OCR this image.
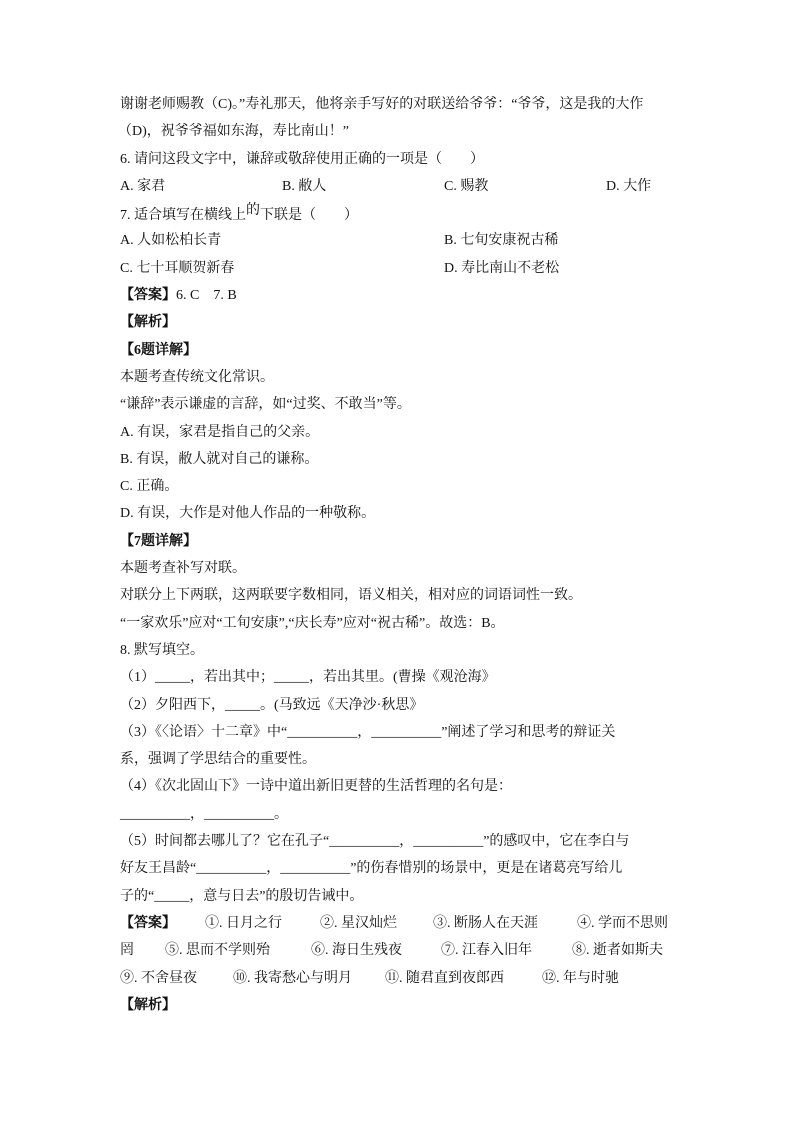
谢谢老师赐教（C)。”寿礼那天，他将亲手写好的对联送给爷爷：“爷爷，这是我的大作
（D)，祝爷爷福如东海，寿比南山！”
6. 请问这段文字中，谦辞或敬辞使用正确的一项是（　　）

A. 家君

	B. 敝人

	C. 赐教

	D. 大作

7. 适合填写在横线上的下联是（　　）

A. 人如松柏长青

	B. 七旬安康祝古稀

C. 七十耳顺贺新春

	D. 寿比南山不老松

【答案】6. C    7. B
【解析】
【6题详解】
本题考查传统文化常识。
“谦辞”表示谦虚的言辞，如“过奖、不敢当”等。
A. 有误，家君是指自己的父亲。
B. 有误，敝人就对自己的谦称。
C. 正确。
D. 有误，大作是对他人作品的一种敬称。
【7题详解】
本题考查补写对联。
对联分上下两联，这两联要字数相同，语义相关，相对应的词语词性一致。
“一家欢乐”应对“工旬安康”,“庆长寿”应对“祝古稀”。故选：B。
8. 默写填空。
（1）_____，若出其中；_____，若出其里。(曹操《观沧海》
（2）夕阳西下，_____。(马致远《天净沙·秋思》
（3）《〈论语〉十二章》中“__________，__________”阐述了学习和思考的辩证关
系，强调了学思结合的重要性。
（4）《次北固山下》一诗中道出新旧更替的生活哲理的名句是：
__________，__________。
（5）时间都去哪儿了？它在孔子“__________，__________”的感叹中，它在李白与
好友王昌龄“__________，__________”的伤春惜别的场景中，更是在诸葛亮写给儿
子的“_____，意与日去”的殷切告诫中。

【答案】

①. 日月之行

	②. 星汉灿烂

	③. 断肠人在天涯

	④. 学而不思则

罔

⑤. 思而不学则殆

	⑥. 海日生残夜

	⑦. 江春入旧年

	⑧. 逝者如斯夫

⑨. 不舍昼夜

	⑩. 我寄愁心与明月

⑪. 随君直到夜郎西

	⑫. 年与时驰

【解析】
